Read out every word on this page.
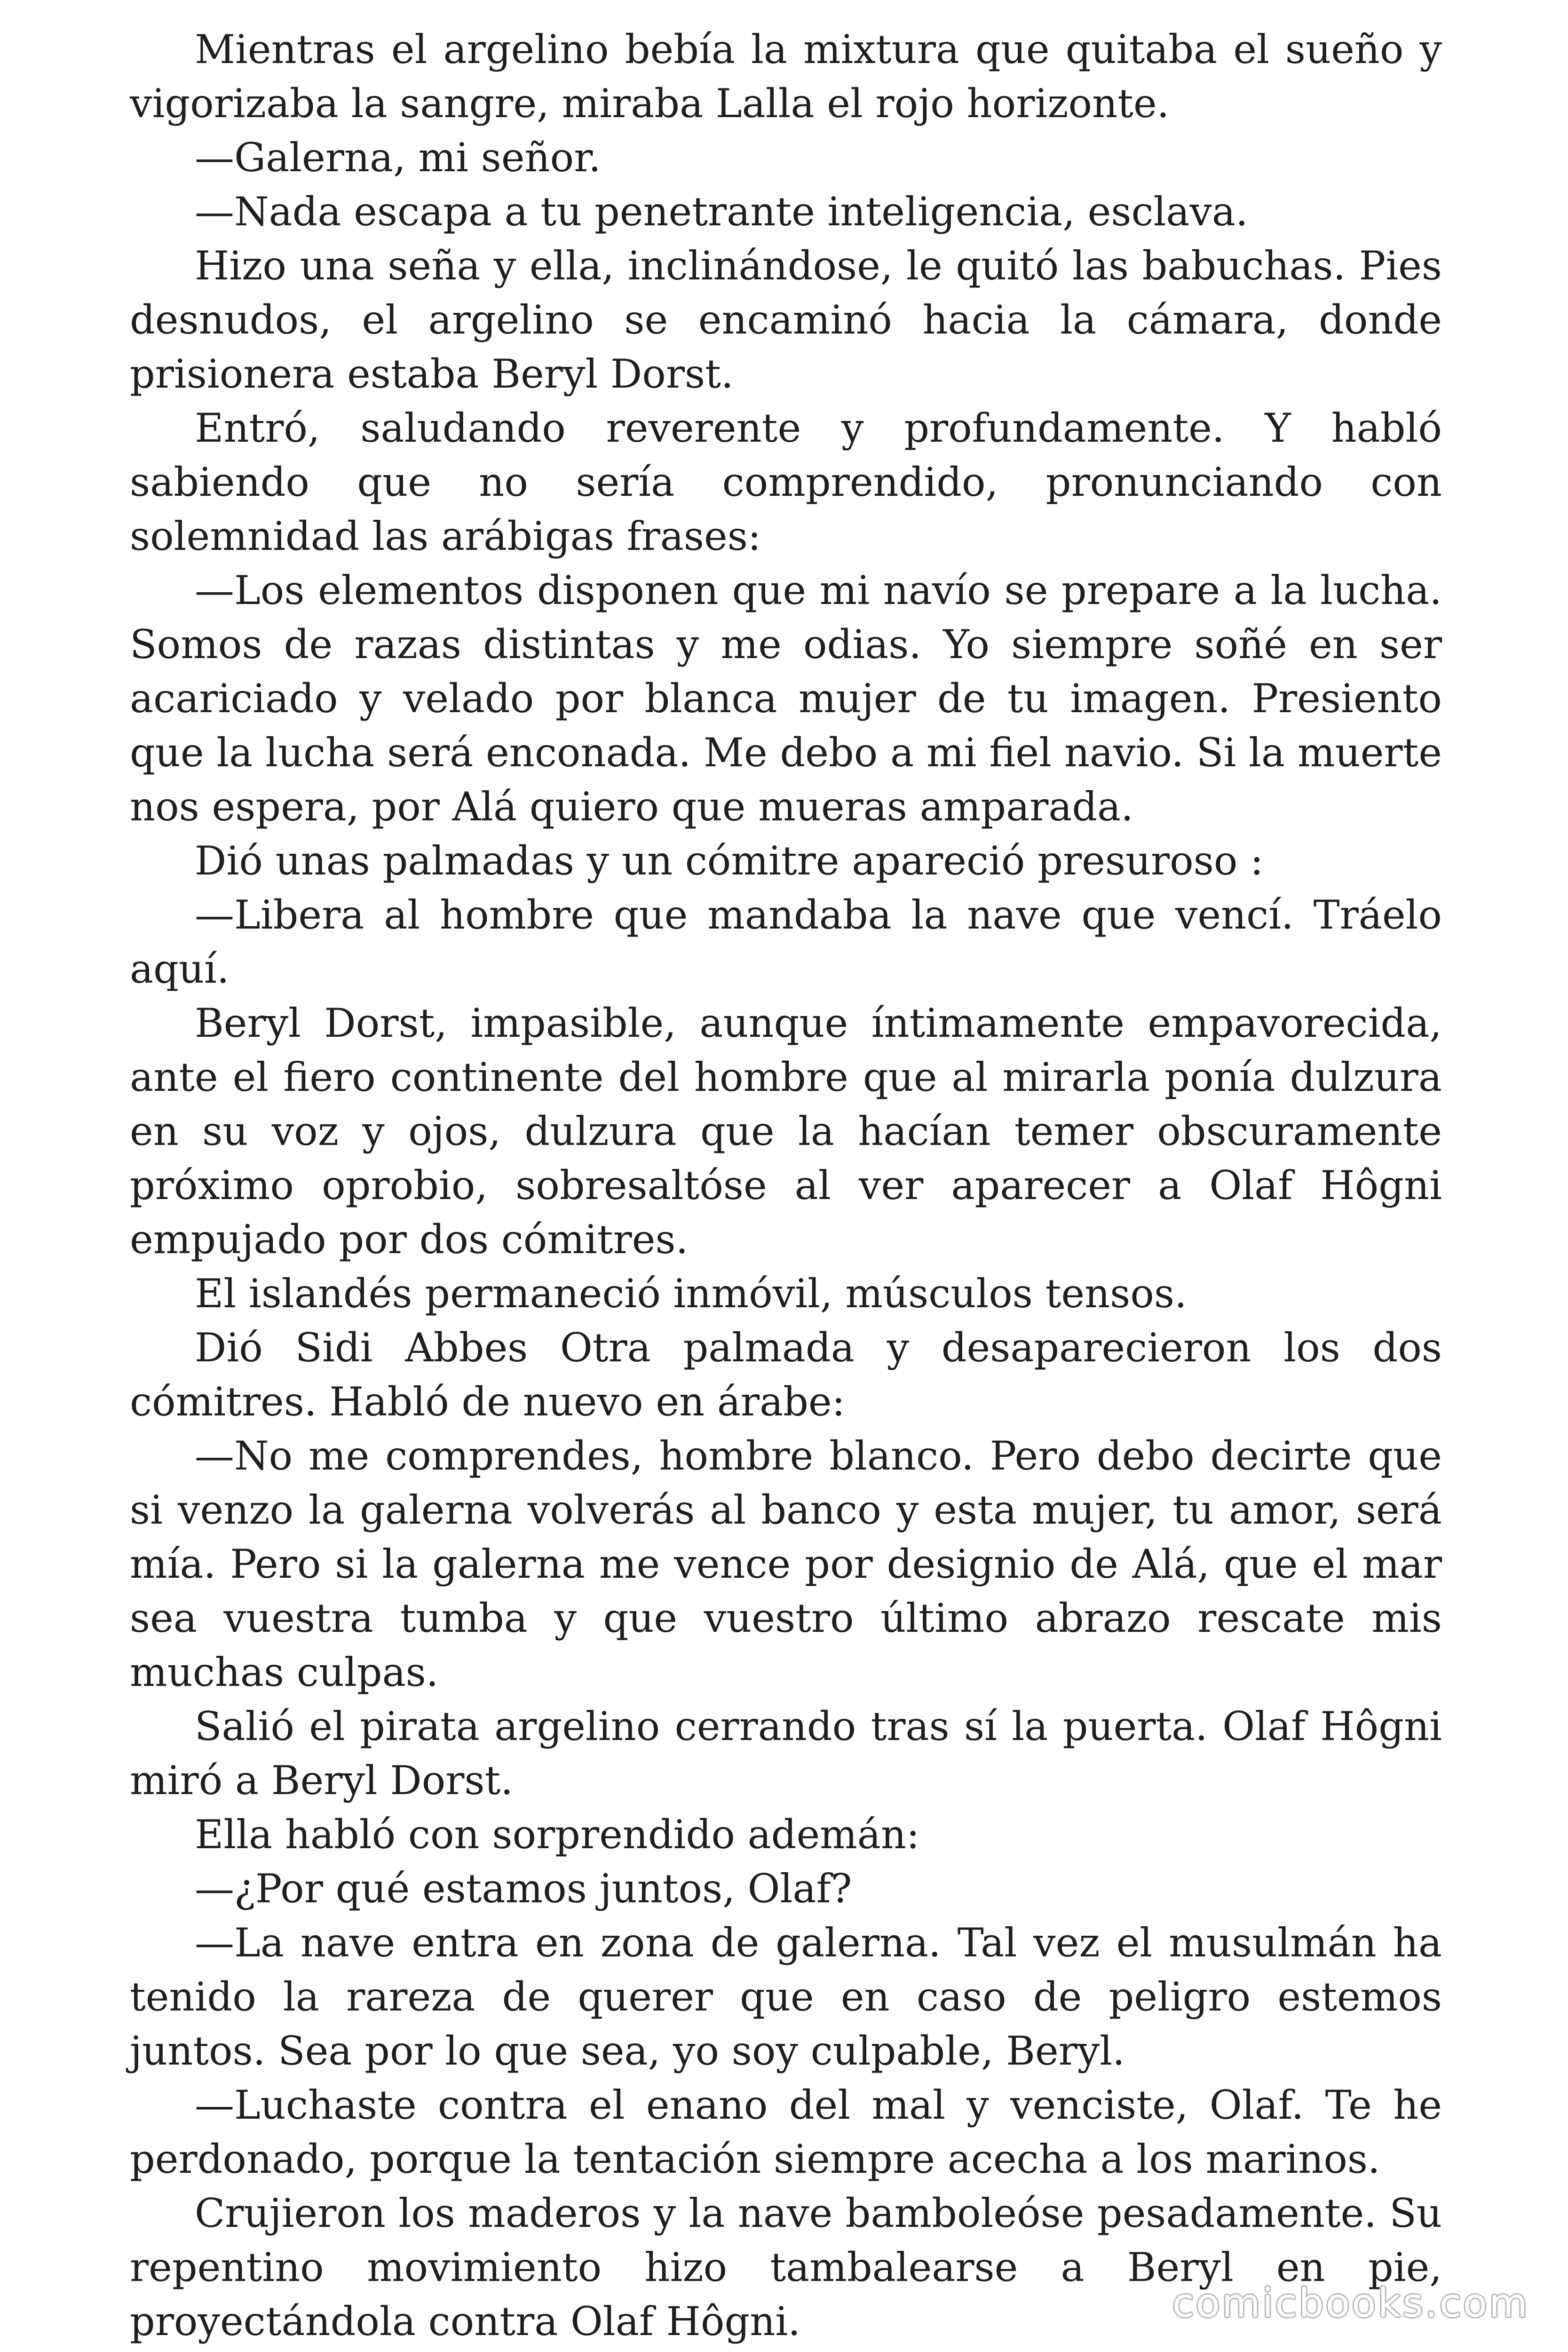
Mientras el argelino bebía la mixtura que quitaba el sueño y vigorizaba la sangre, miraba Lalla el rojo horizonte.

—Galerna, mi señor.

—Nada escapa a tu penetrante inteligencia, esclava.

Hizo una seña y ella, inclinándose, le quitó las babuchas. Pies desnudos, el argelino se encaminó hacia la cámara, donde prisionera estaba Beryl Dorst.

Entró, saludando reverente y profundamente. Y habló sabiendo que no sería comprendido, pronunciando con solemnidad las arábigas frases:

—Los elementos disponen que mi navío se prepare a la lucha. Somos de razas distintas y me odias. Yo siempre soñé en ser acariciado y velado por blanca mujer de tu imagen. Presiento que la lucha será enconada. Me debo a mi fiel navio. Si la muerte nos espera, por Alá quiero que mueras amparada.

Dió unas palmadas y un cómitre apareció presuroso :

—Libera al hombre que mandaba la nave que vencí. Tráelo aquí.

Beryl Dorst, impasible, aunque íntimamente empavorecida, ante el fiero continente del hombre que al mirarla ponía dulzura en su voz y ojos, dulzura que la hacían temer obscuramente próximo oprobio, sobresaltóse al ver aparecer a Olaf Hôgni empujado por dos cómitres.

El islandés permaneció inmóvil, músculos tensos.

Dió Sidi Abbes Otra palmada y desaparecieron los dos cómitres. Habló de nuevo en árabe:

—No me comprendes, hombre blanco. Pero debo decirte que si venzo la galerna volverás al banco y esta mujer, tu amor, será mía. Pero si la galerna me vence por designio de Alá, que el mar sea vuestra tumba y que vuestro último abrazo rescate mis muchas culpas.

Salió el pirata argelino cerrando tras sí la puerta. Olaf Hôgni miró a Beryl Dorst.

Ella habló con sorprendido ademán:

—¿Por qué estamos juntos, Olaf?

—La nave entra en zona de galerna. Tal vez el musulmán ha tenido la rareza de querer que en caso de peligro estemos juntos. Sea por lo que sea, yo soy culpable, Beryl.

—Luchaste contra el enano del mal y venciste, Olaf. Te he perdonado, porque la tentación siempre acecha a los marinos.

Crujieron los maderos y la nave bamboleóse pesadamente. Su repentino movimiento hizo tambalearse a Beryl en pie, proyectándola contra Olaf Hôgni.	comicbooks.com
